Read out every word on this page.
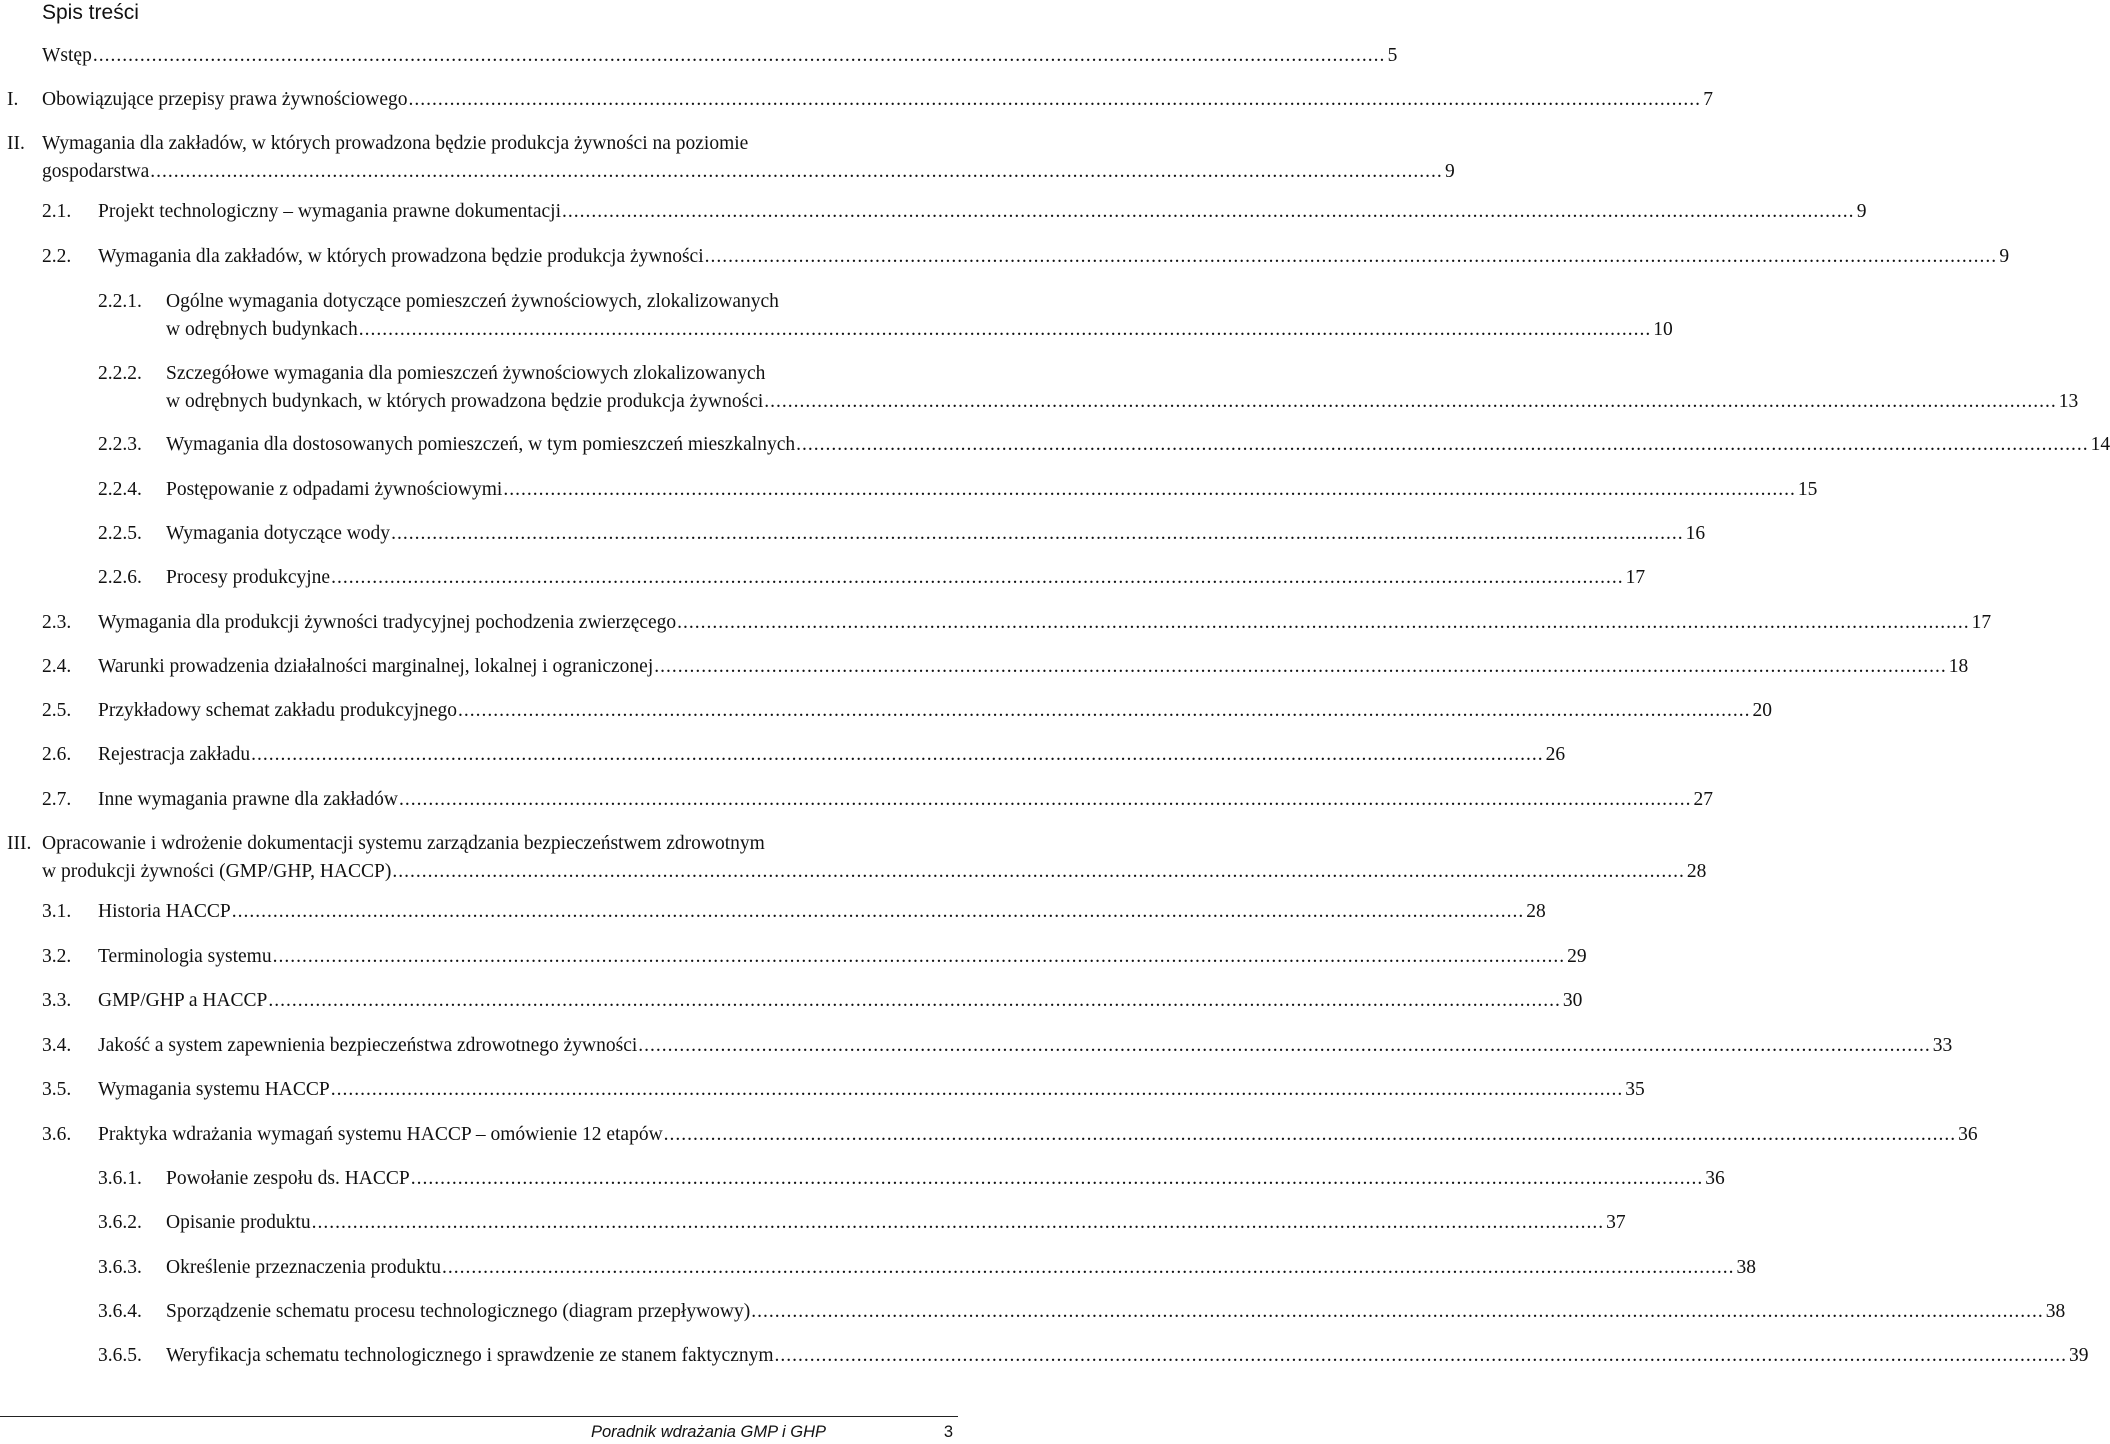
Spis treści
Wstęp ............................................................................................................................................................................................................................ 5
I. Obowiązujące przepisy prawa żywnościowego ............................................................................................................................................................................................................................ 7
II. Wymagania dla zakładów, w których prowadzona będzie produkcja żywności na poziomie
gospodarstwa ............................................................................................................................................................................................................................ 9
2.1. Projekt technologiczny – wymagania prawne dokumentacji ............................................................................................................................................................................................................................ 9
2.2. Wymagania dla zakładów, w których prowadzona będzie produkcja żywności ............................................................................................................................................................................................................................ 9
2.2.1. Ogólne wymagania dotyczące pomieszczeń żywnościowych, zlokalizowanych
w odrębnych budynkach ............................................................................................................................................................................................................................ 10
2.2.2. Szczegółowe wymagania dla pomieszczeń żywnościowych zlokalizowanych
w odrębnych budynkach, w których prowadzona będzie produkcja żywności ............................................................................................................................................................................................................................ 13
2.2.3. Wymagania dla dostosowanych pomieszczeń, w tym pomieszczeń mieszkalnych ............................................................................................................................................................................................................................ 14
2.2.4. Postępowanie z odpadami żywnościowymi ............................................................................................................................................................................................................................ 15
2.2.5. Wymagania dotyczące wody ............................................................................................................................................................................................................................ 16
2.2.6. Procesy produkcyjne ............................................................................................................................................................................................................................ 17
2.3. Wymagania dla produkcji żywności tradycyjnej pochodzenia zwierzęcego ............................................................................................................................................................................................................................ 17
2.4. Warunki prowadzenia działalności marginalnej, lokalnej i ograniczonej ............................................................................................................................................................................................................................ 18
2.5. Przykładowy schemat zakładu produkcyjnego ............................................................................................................................................................................................................................ 20
2.6. Rejestracja zakładu ............................................................................................................................................................................................................................ 26
2.7. Inne wymagania prawne dla zakładów ............................................................................................................................................................................................................................ 27
III. Opracowanie i wdrożenie dokumentacji systemu zarządzania bezpieczeństwem zdrowotnym
w produkcji żywności (GMP/GHP, HACCP) ............................................................................................................................................................................................................................ 28
3.1. Historia HACCP ............................................................................................................................................................................................................................ 28
3.2. Terminologia systemu ............................................................................................................................................................................................................................ 29
3.3. GMP/GHP a HACCP ............................................................................................................................................................................................................................ 30
3.4. Jakość a system zapewnienia bezpieczeństwa zdrowotnego żywności ............................................................................................................................................................................................................................ 33
3.5. Wymagania systemu HACCP ............................................................................................................................................................................................................................ 35
3.6. Praktyka wdrażania wymagań systemu HACCP – omówienie 12 etapów ............................................................................................................................................................................................................................ 36
3.6.1. Powołanie zespołu ds. HACCP ............................................................................................................................................................................................................................ 36
3.6.2. Opisanie produktu ............................................................................................................................................................................................................................ 37
3.6.3. Określenie przeznaczenia produktu ............................................................................................................................................................................................................................ 38
3.6.4. Sporządzenie schematu procesu technologicznego (diagram przepływowy) ............................................................................................................................................................................................................................ 38
3.6.5. Weryfikacja schematu technologicznego i sprawdzenie ze stanem faktycznym ............................................................................................................................................................................................................................ 39
Poradnik wdrażania GMP i GHP	3
